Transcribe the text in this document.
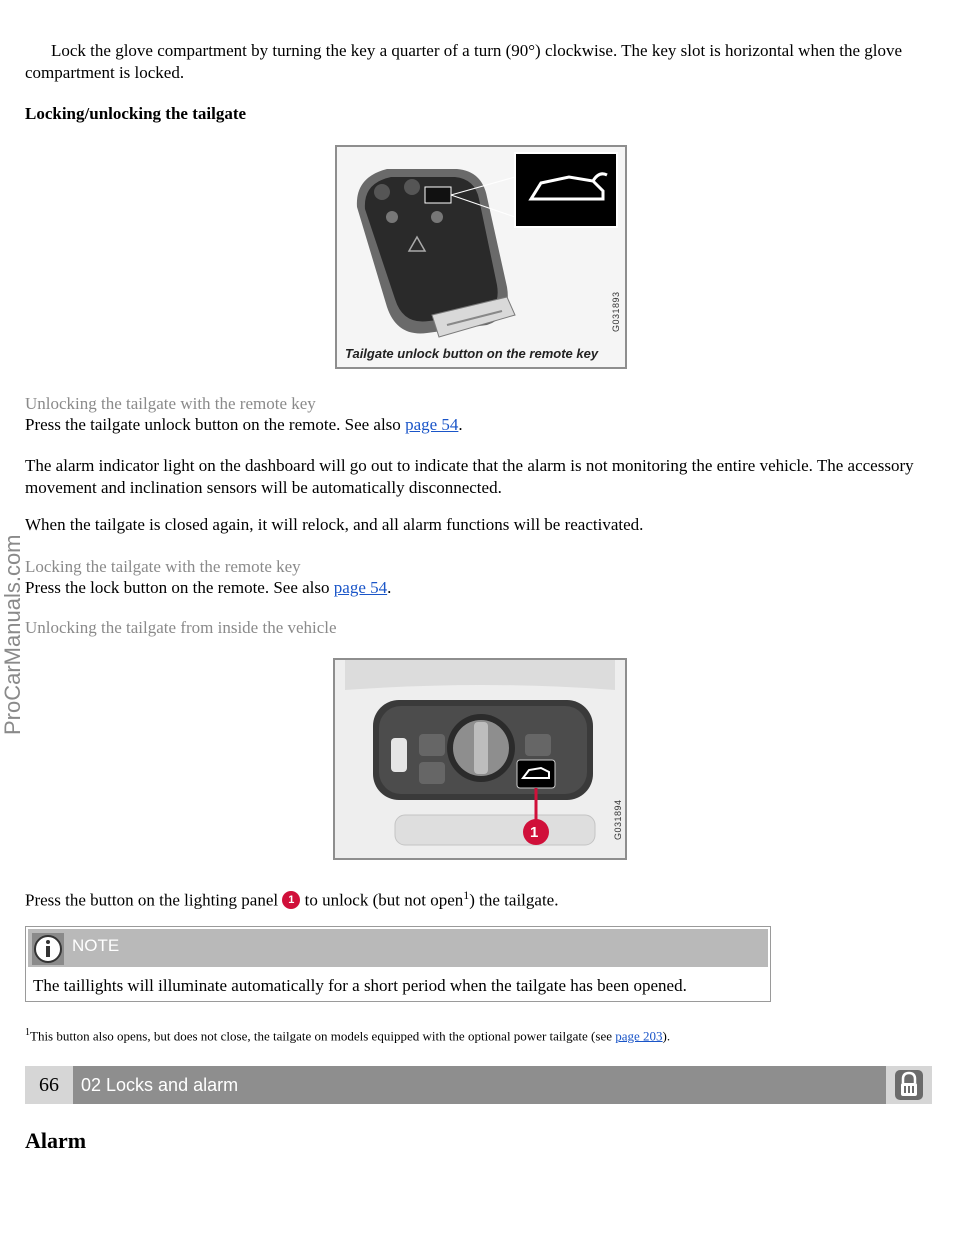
Lock the glove compartment by turning the key a quarter of a turn (90°) clockwise. The key slot is horizontal when the glove compartment is locked.

Locking/unlocking the tailgate
G031893
Tailgate unlock button on the remote key
Unlocking the tailgate with the remote key
Press the tailgate unlock button on the remote. See also page 54.

The alarm indicator light on the dashboard will go out to indicate that the alarm is not monitoring the entire vehicle. The accessory movement and inclination sensors will be automatically disconnected.

When the tailgate is closed again, it will relock, and all alarm functions will be reactivated.

Locking the tailgate with the remote key
Press the lock button on the remote. See also page 54.
Unlocking the tailgate from inside the vehicle
1	G031894
Press the button on the lighting panel 1 to unlock (but not open$^1$) the tailgate.
NOTE
The taillights will illuminate automatically for a short period when the tailgate has been opened.
$^1$This button also opens, but does not close, the tailgate on models equipped with the optional power tailgate (see page 203).
66	02 Locks and alarm
Alarm
ProCarManuals.com
